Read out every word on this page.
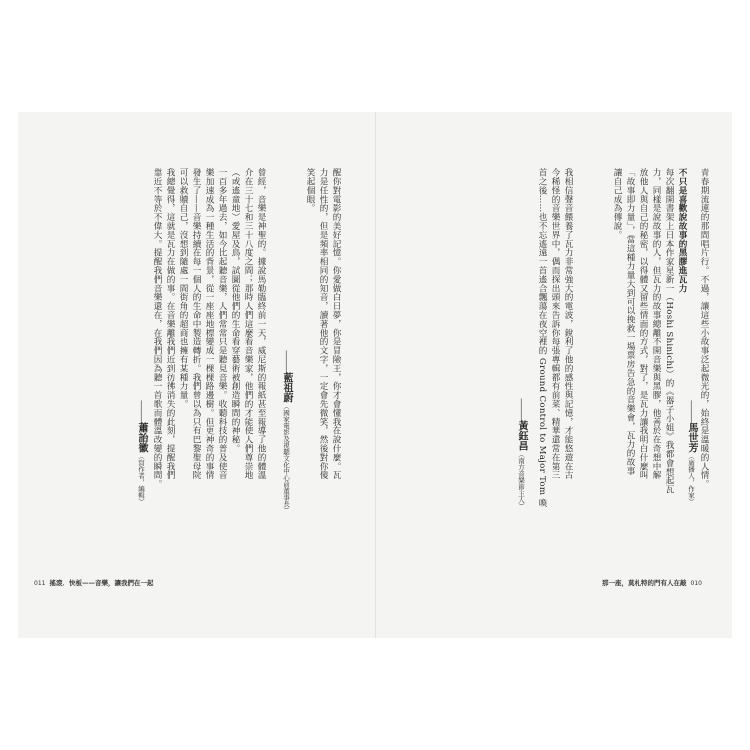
青春期流連的那間唱片行。不過，讓這些小故事泛起微光的，始終是溫暖的人情。
不只是喜歡說故事的黑膠進瓦力
每次翻開書架上日本作家星新一（Hoshi Shinichi）的《器子小姐》我都會想起瓦
力，同樣是說故事的人，但瓦力的故事總離不開音樂與黑膠，他善於在奇想中解
放他人與自己的秘密，以得體又留些情面的方式，對了，是瓦力讓我明白什麼叫
「故事即力量」，當這種力量大到可以挽救一場票房告急的音樂會，瓦力的故事
讓自己成為傳說。
我相信聲音餵養了瓦力非常強大的電波，銳利了他的感性與記憶，才能悠遊在古
今稀怪的音樂世界中，偶而探出頭來告訴你每張專輯都有前菜、精華還常在第三
首之後……也不忘遙遠一首遙合飄蕩在夜空裡的 Ground Control to Major Tom 喚	———馬世芳（廣播人，作家）
———黃鈺昌（南方音樂節主人）
那一座，莫札特的門有人在敲 010
醒你對電影的美好記憶。你愛做白日夢，你是冒險王，你才會懂我在說什麼。瓦
力是任性的，但是頻率相同的知音，讀著他的文字，一定會先微笑，然後對你傻
笑起個眼。
曾經，音樂是神聖的。據說馬勒臨終前一天，威尼斯的報紙甚至報導了他的體溫
介在三十七和三十八度之間；那時人們這麼看音樂家，他們的才能使人們尊崇地
（或遙童地）愛屋及鳥，試圖從他們的生命看穿藝術被創造瞬間的神秘。
一百多年過去，如今比起聽音樂，人們常常只是聽見音樂。收聽科技的普及使音
樂加速成為一種生活的背景，從一座座地標變成一棵棵路邊樹。但更神奇的事情
發生了——音樂持續在每一個人的生命中製造轉折。我們曾以為只有巴黎聖母院
可以救贖自己，沒想到隨處一間街角的超商也擁有某種力量。
我總覺得，這就是瓦力在做的事。在音樂離我們近到彷彿消失的此刻，提醒我們
靠近不等於不偉大。提醒我們音樂還在，在我們因為聽一首歌而體溫改變的瞬間。	———藍祖蔚（國家電影及視聽文化中心前董事長）
———蕭詒徽（寫作者，編輯）
011 搖滾．快板——音樂，讓我們在一起
